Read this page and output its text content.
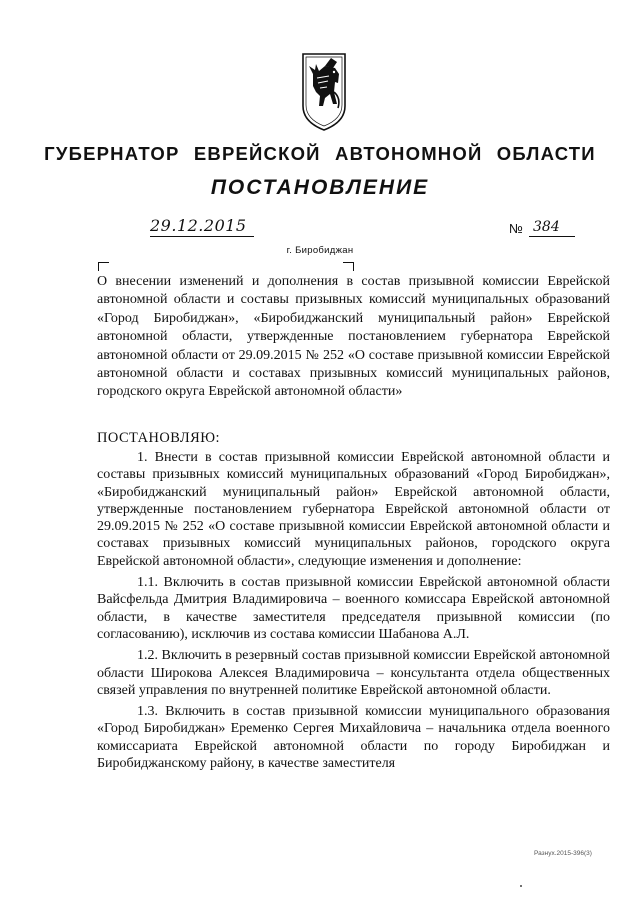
ГУБЕРНАТОР ЕВРЕЙСКОЙ АВТОНОМНОЙ ОБЛАСТИ
ПОСТАНОВЛЕНИЕ
29.12.2015	№ 384
г. Биробиджан
О внесении изменений и дополнения в состав призывной комиссии Еврейской автономной области и составы призывных комиссий муниципальных образований «Город Биробиджан», «Биробиджанский муниципальный район» Еврейской автономной области, утвержденные постановлением губернатора Еврейской автономной области от 29.09.2015 № 252 «О составе призывной комиссии Еврейской автономной области и составах призывных комиссий муниципальных районов, городского округа Еврейской автономной области»
ПОСТАНОВЛЯЮ:

1. Внести в состав призывной комиссии Еврейской автономной области и составы призывных комиссий муниципальных образований «Город Биробиджан», «Биробиджанский муниципальный район» Еврейской автономной области, утвержденные постановлением губернатора Еврейской автономной области от 29.09.2015 № 252 «О составе призывной комиссии Еврейской автономной области и составах призывных комиссий муниципальных районов, городского округа Еврейской автономной области», следующие изменения и дополнение:

1.1. Включить в состав призывной комиссии Еврейской автономной области Вайсфельда Дмитрия Владимировича – военного комиссара Еврейской автономной области, в качестве заместителя председателя призывной комиссии (по согласованию), исключив из состава комиссии Шабанова А.Л.

1.2. Включить в резервный состав призывной комиссии Еврейской автономной области Широкова Алексея Владимировича – консультанта отдела общественных связей управления по внутренней политике Еврейской автономной области.

1.3. Включить в состав призывной комиссии муниципального образования «Город Биробиджан» Еременко Сергея Михайловича – начальника отдела военного комиссариата Еврейской автономной области по городу Биробиджан и Биробиджанскому району, в качестве заместителя

Разнух.2015-396(3)
